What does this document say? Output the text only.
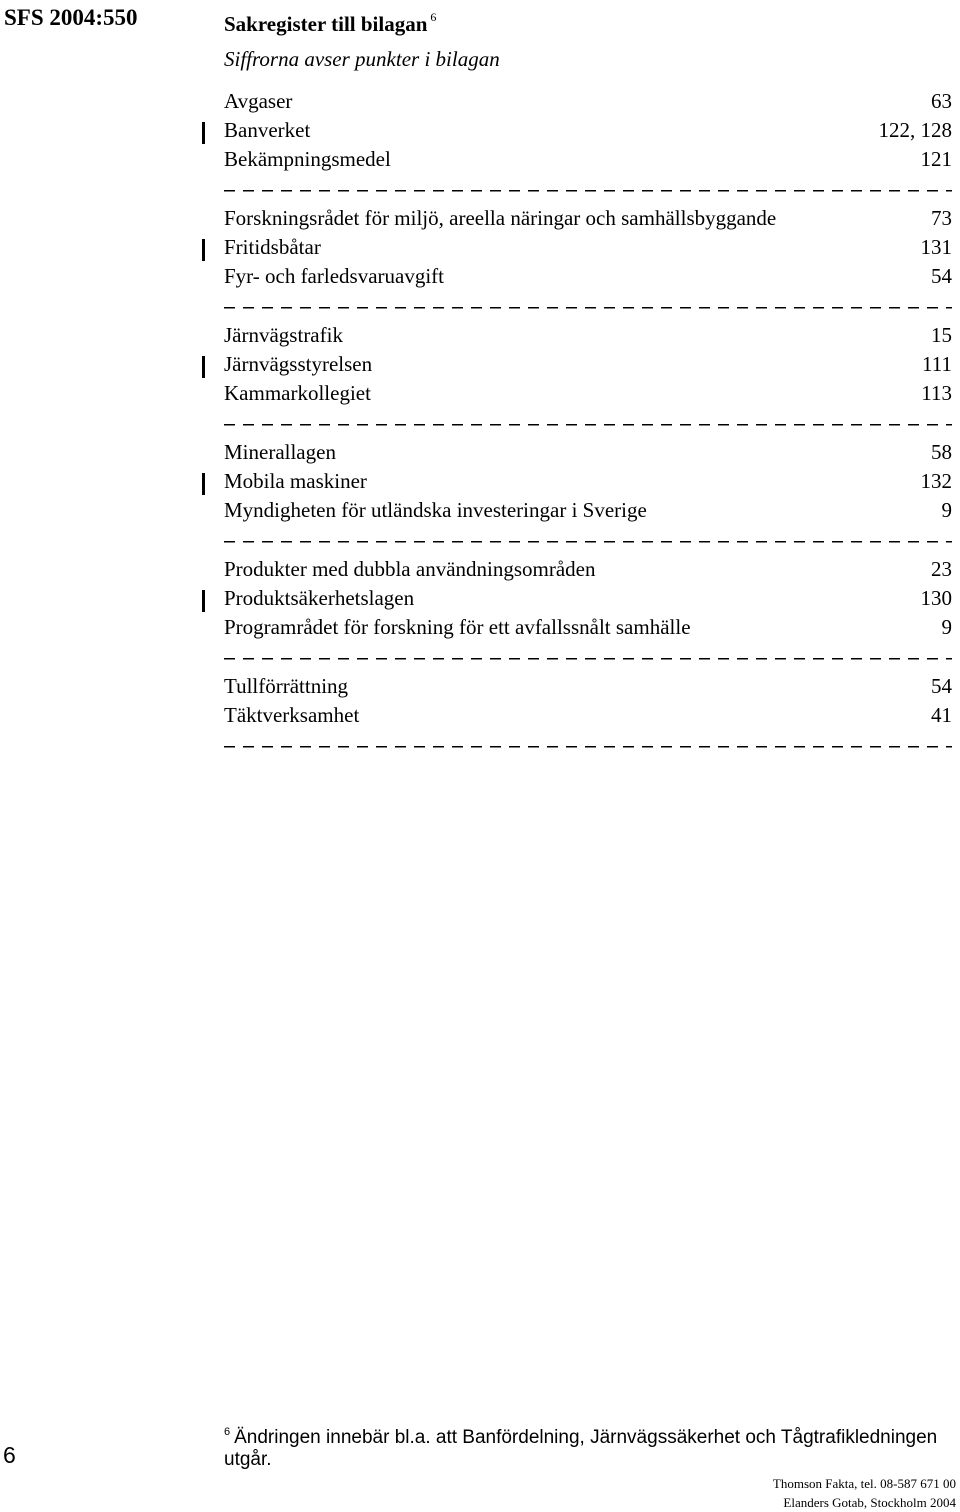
SFS 2004:550	Sakregister till bilagan $^6$
Siffrorna avser punkter i bilagan
Avgaser	63
Banverket	122, 128
Bekämpningsmedel	121
Forskningsrådet för miljö, areella näringar och samhällsbyggande	73
Fritidsbåtar	131
Fyr- och farledsvaruavgift	54
Järnvägstrafik	15
Järnvägsstyrelsen	111
Kammarkollegiet	113
Minerallagen	58
Mobila maskiner	132
Myndigheten för utländska investeringar i Sverige	9
Produkter med dubbla användningsområden	23
Produktsäkerhetslagen	130
Programrådet för forskning för ett avfallssnålt samhälle	9
Tullförrättning	54
Täktverksamhet	41
6
$^6$ Ändringen innebär bl.a. att Banfördelning, Järnvägssäkerhet och Tågtrafikledningen utgår.
Thomson Fakta, tel. 08-587 671 00
Elanders Gotab, Stockholm 2004
